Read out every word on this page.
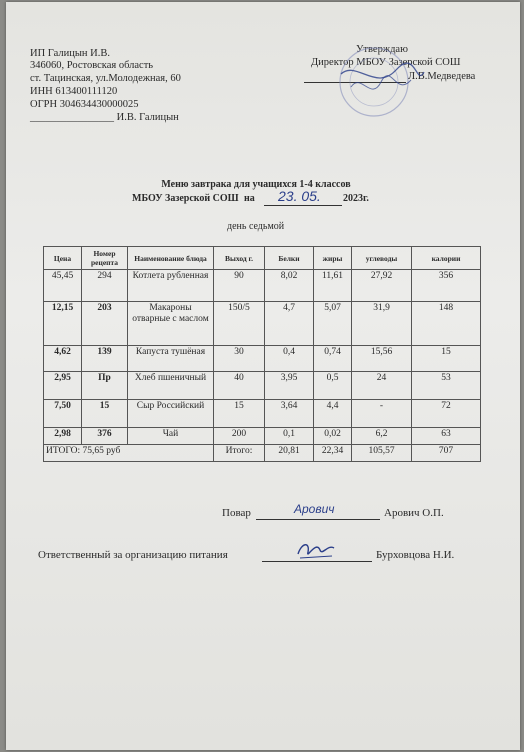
ИП Галицын И.В.
346060, Ростовская область
ст. Тацинская, ул.Молодежная, 60
ИНН 613400111120
ОГРН 304634430000025
________________ И.В. Галицын
Утверждаю
Директор МБОУ Зазерской СОШ
Л.В.Медведева
Меню завтрака для учащихся 1-4 классов
МБОУ Зазерской СОШ на 23. 05. 2023г.
день седьмой
Цена	Номер рецепта	Наименование блюда	Выход г.	Белки	жиры	углеводы	калории
45,45	294	Котлета рубленная	90	8,02	11,61	27,92	356
12,15	203	Макароны отварные с маслом	150/5	4,7	5,07	31,9	148
4,62	139	Капуста тушёная	30	0,4	0,74	15,56	15
2,95	Пр	Хлеб пшеничный	40	3,95	0,5	24	53
7,50	15	Сыр Российский	15	3,64	4,4	-	72
2,98	376	Чай	200	0,1	0,02	6,2	63
ИТОГО: 75,65 руб			Итого:	20,81	22,34	105,57	707
Повар	Арович	Арович О.П.
Ответственный за организацию питания	Бурховцова Н.И.
